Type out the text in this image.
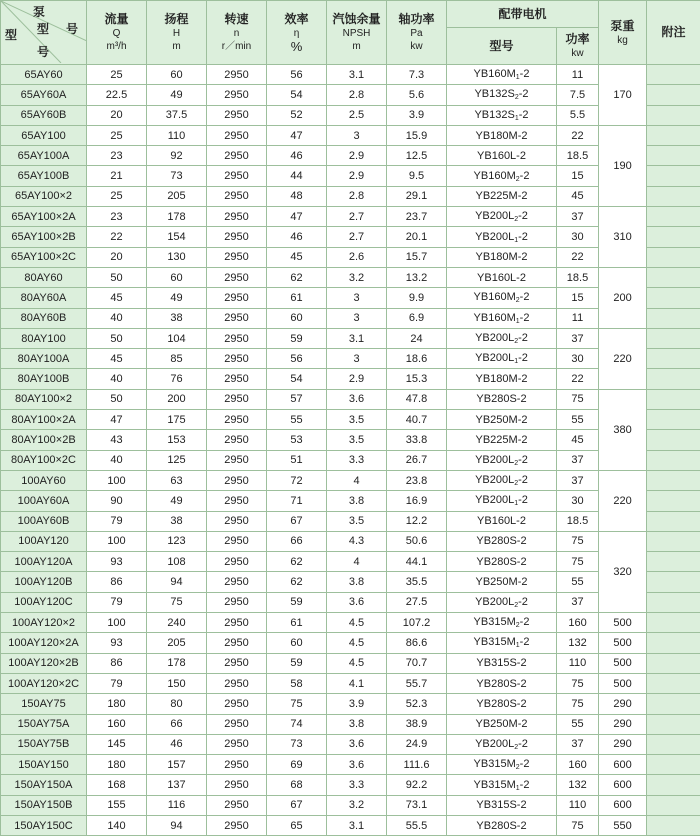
泵
型
型 号
号	流量
Q
m³/h	扬程
H
m	转速
n
r／min	效率
η
%	汽蚀余量
NPSH
m	轴功率
Pa
kw	配带电机		泵重
kg	附注

							型号	功率
kw		

65AY60	25	60	2950	56	3.1	7.3	$YB160M_1-2$	11	170	
65AY60A	22.5	49	2950	54	2.8	5.6	$YB132S_2-2$	7.5		
65AY60B	20	37.5	2950	52	2.5	3.9	$YB132S_1-2$	5.5		
65AY100	25	110	2950	47	3	15.9	YB180M-2	22	190	
65AY100A	23	92	2950	46	2.9	12.5	YB160L-2	18.5		
65AY100B	21	73	2950	44	2.9	9.5	$YB160M_2-2$	15		
65AY100×2	25	205	2950	48	2.8	29.1	YB225M-2	45		
65AY100×2A	23	178	2950	47	2.7	23.7	$YB200L_2-2$	37	310	
65AY100×2B	22	154	2950	46	2.7	20.1	$YB200L_1-2$	30		
65AY100×2C	20	130	2950	45	2.6	15.7	YB180M-2	22		
80AY60	50	60	2950	62	3.2	13.2	YB160L-2	18.5	200	
80AY60A	45	49	2950	61	3	9.9	$YB160M_2-2$	15		
80AY60B	40	38	2950	60	3	6.9	$YB160M_1-2$	11		
80AY100	50	104	2950	59	3.1	24	$YB200L_2-2$	37	220	
80AY100A	45	85	2950	56	3	18.6	$YB200L_1-2$	30		
80AY100B	40	76	2950	54	2.9	15.3	YB180M-2	22		
80AY100×2	50	200	2950	57	3.6	47.8	YB280S-2	75	380	
80AY100×2A	47	175	2950	55	3.5	40.7	YB250M-2	55		
80AY100×2B	43	153	2950	53	3.5	33.8	YB225M-2	45		
80AY100×2C	40	125	2950	51	3.3	26.7	$YB200L_2-2$	37		
100AY60	100	63	2950	72	4	23.8	$YB200L_2-2$	37	220	
100AY60A	90	49	2950	71	3.8	16.9	$YB200L_1-2$	30		
100AY60B	79	38	2950	67	3.5	12.2	YB160L-2	18.5		
100AY120	100	123	2950	66	4.3	50.6	YB280S-2	75	320	
100AY120A	93	108	2950	62	4	44.1	YB280S-2	75		
100AY120B	86	94	2950	62	3.8	35.5	YB250M-2	55		
100AY120C	79	75	2950	59	3.6	27.5	$YB200L_2-2$	37		
100AY120×2	100	240	2950	61	4.5	107.2	$YB315M_2-2$	160	500	
100AY120×2A	93	205	2950	60	4.5	86.6	$YB315M_1-2$	132	500	
100AY120×2B	86	178	2950	59	4.5	70.7	YB315S-2	110	500	
100AY120×2C	79	150	2950	58	4.1	55.7	YB280S-2	75	500	
150AY75	180	80	2950	75	3.9	52.3	YB280S-2	75	290	
150AY75A	160	66	2950	74	3.8	38.9	YB250M-2	55	290	
150AY75B	145	46	2950	73	3.6	24.9	$YB200L_2-2$	37	290	
150AY150	180	157	2950	69	3.6	111.6	$YB315M_2-2$	160	600	
150AY150A	168	137	2950	68	3.3	92.2	$YB315M_1-2$	132	600	
150AY150B	155	116	2950	67	3.2	73.1	YB315S-2	110	600	
150AY150C	140	94	2950	65	3.1	55.5	YB280S-2	75	550	
